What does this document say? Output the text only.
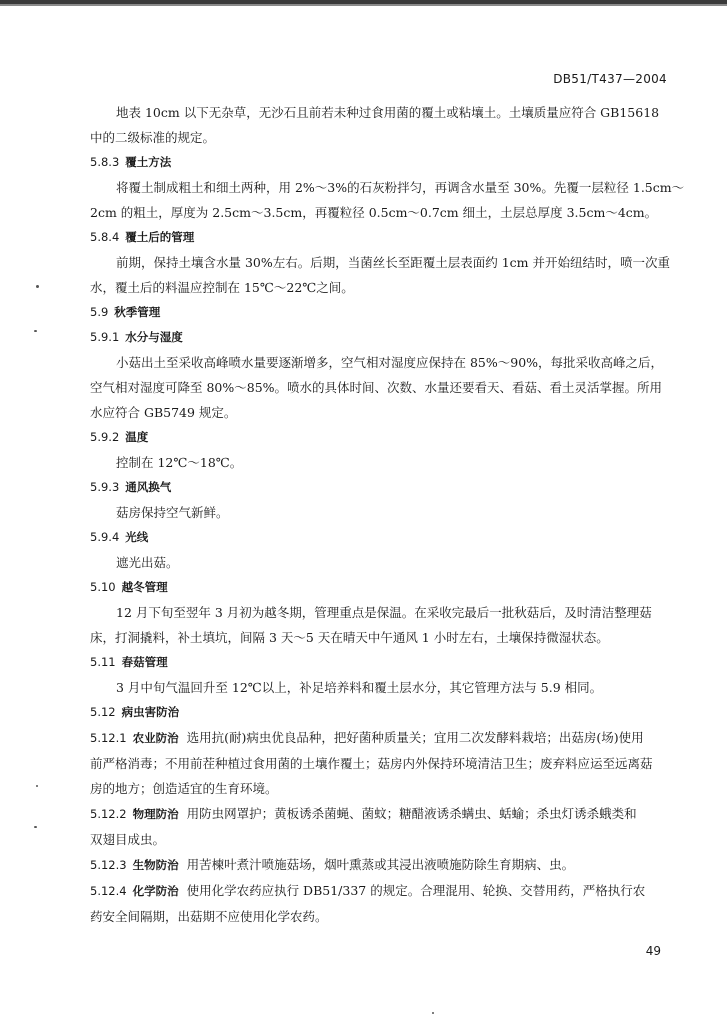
DB51/T437—2004
地表 10cm 以下无杂草，无沙石且前若未种过食用菌的覆土或粘壤土。土壤质量应符合 GB15618
中的二级标准的规定。
5.8.3 覆土方法
将覆土制成粗土和细土两种，用 2%～3%的石灰粉拌匀，再调含水量至 30%。先覆一层粒径 1.5cm～
2cm 的粗土，厚度为 2.5cm～3.5cm，再覆粒径 0.5cm～0.7cm 细土，土层总厚度 3.5cm～4cm。
5.8.4 覆土后的管理
前期，保持土壤含水量 30%左右。后期，当菌丝长至距覆土层表面约 1cm 并开始纽结时，喷一次重
水，覆土后的料温应控制在 15℃～22℃之间。
5.9 秋季管理
5.9.1 水分与湿度
小菇出土至采收高峰喷水量要逐渐增多，空气相对湿度应保持在 85%～90%，每批采收高峰之后，
空气相对湿度可降至 80%～85%。喷水的具体时间、次数、水量还要看天、看菇、看土灵活掌握。所用
水应符合 GB5749 规定。
5.9.2 温度
控制在 12℃～18℃。
5.9.3 通风换气
菇房保持空气新鲜。
5.9.4 光线
遮光出菇。
5.10 越冬管理
12 月下旬至翌年 3 月初为越冬期，管理重点是保温。在采收完最后一批秋菇后，及时清洁整理菇
床，打洞撬料，补土填坑，间隔 3 天～5 天在晴天中午通风 1 小时左右，土壤保持微湿状态。
5.11 春菇管理
3 月中旬气温回升至 12℃以上，补足培养料和覆土层水分，其它管理方法与 5.9 相同。
5.12 病虫害防治
5.12.1 农业防治 选用抗(耐)病虫优良品种，把好菌种质量关；宜用二次发酵料栽培；出菇房(场)使用
前严格消毒；不用前茬种植过食用菌的土壤作覆土；菇房内外保持环境清洁卫生；废弃料应运至远离菇
房的地方；创造适宜的生育环境。
5.12.2 物理防治 用防虫网罩护；黄板诱杀菌蝇、菌蚊；糖醋液诱杀螨虫、蛞蝓；杀虫灯诱杀蛾类和
双翅目成虫。
5.12.3 生物防治 用苦楝叶煮汁喷施菇场，烟叶熏蒸或其浸出液喷施防除生育期病、虫。
5.12.4 化学防治 使用化学农药应执行 DB51/337 的规定。合理混用、轮换、交替用药，严格执行农
药安全间隔期，出菇期不应使用化学农药。
49
